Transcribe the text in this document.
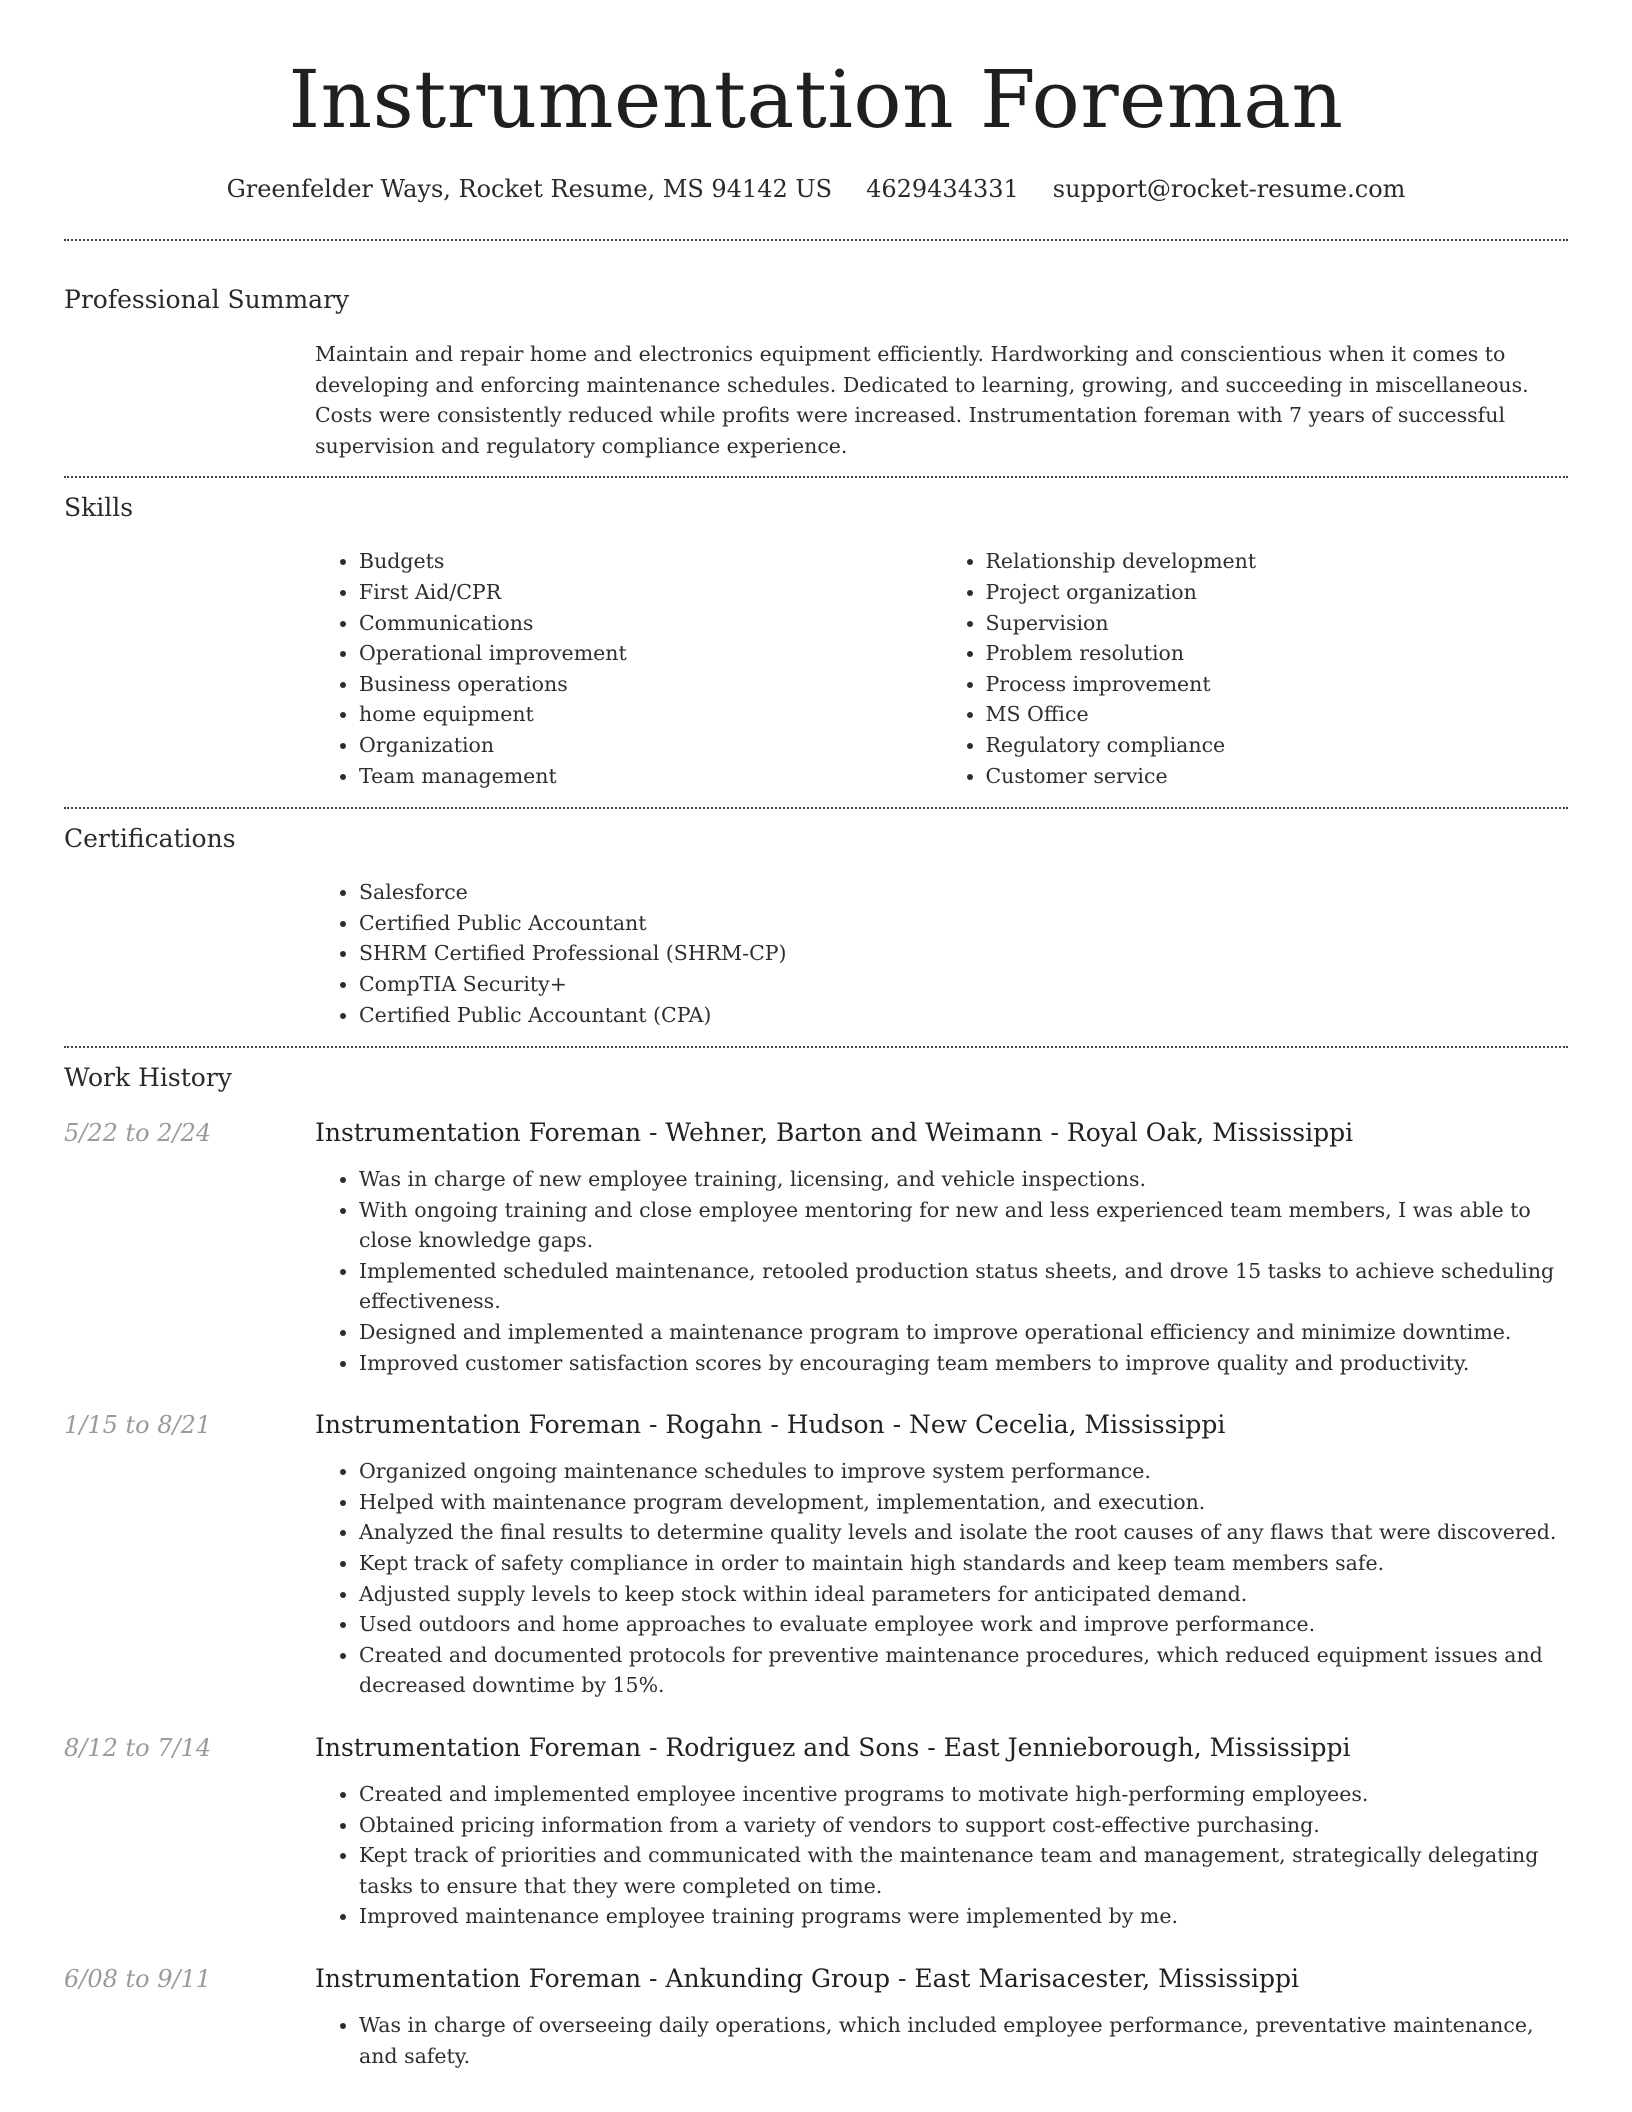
Instrumentation Foreman
Greenfelder Ways, Rocket Resume, MS 94142 US 4629434331 support@rocket-resume.com
Professional Summary

Maintain and repair home and electronics equipment efficiently. Hardworking and conscientious when it comes to developing and enforcing maintenance schedules. Dedicated to learning, growing, and succeeding in miscellaneous. Costs were consistently reduced while profits were increased. Instrumentation foreman with 7 years of successful supervision and regulatory compliance experience.

Skills
• Budgets
• First Aid/CPR
• Communications
• Operational improvement
• Business operations
• home equipment
• Organization
• Team management
• Relationship development
• Project organization
• Supervision
• Problem resolution
• Process improvement
• MS Office
• Regulatory compliance
• Customer service
Certifications
• Salesforce
• Certified Public Accountant
• SHRM Certified Professional (SHRM-CP)
• CompTIA Security+
• Certified Public Accountant (CPA)
Work History
5/22 to 2/24	Instrumentation Foreman - Wehner, Barton and Weimann - Royal Oak, Mississippi
• Was in charge of new employee training, licensing, and vehicle inspections.
• With ongoing training and close employee mentoring for new and less experienced team members, I was able to close knowledge gaps.
• Implemented scheduled maintenance, retooled production status sheets, and drove 15 tasks to achieve scheduling effectiveness.
• Designed and implemented a maintenance program to improve operational efficiency and minimize downtime.
• Improved customer satisfaction scores by encouraging team members to improve quality and productivity.
1/15 to 8/21	Instrumentation Foreman - Rogahn - Hudson - New Cecelia, Mississippi
• Organized ongoing maintenance schedules to improve system performance.
• Helped with maintenance program development, implementation, and execution.
• Analyzed the final results to determine quality levels and isolate the root causes of any flaws that were discovered.
• Kept track of safety compliance in order to maintain high standards and keep team members safe.
• Adjusted supply levels to keep stock within ideal parameters for anticipated demand.
• Used outdoors and home approaches to evaluate employee work and improve performance.
• Created and documented protocols for preventive maintenance procedures, which reduced equipment issues and decreased downtime by 15%.
8/12 to 7/14	Instrumentation Foreman - Rodriguez and Sons - East Jennieborough, Mississippi
• Created and implemented employee incentive programs to motivate high-performing employees.
• Obtained pricing information from a variety of vendors to support cost-effective purchasing.
• Kept track of priorities and communicated with the maintenance team and management, strategically delegating tasks to ensure that they were completed on time.
• Improved maintenance employee training programs were implemented by me.
6/08 to 9/11	Instrumentation Foreman - Ankunding Group - East Marisacester, Mississippi
• Was in charge of overseeing daily operations, which included employee performance, preventative maintenance, and safety.
